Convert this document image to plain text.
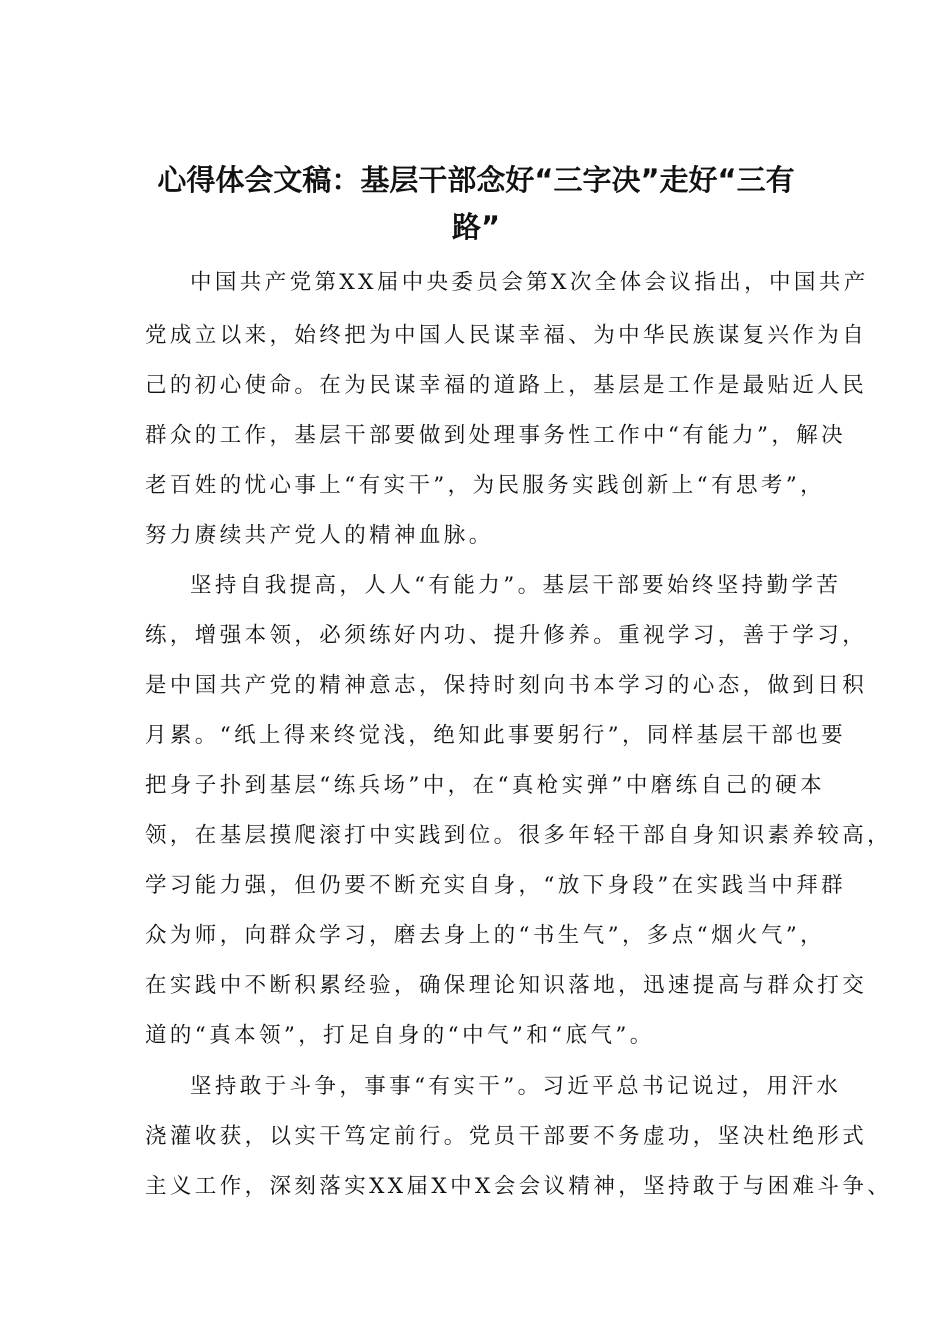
心得体会文稿：基层干部念好“三字决”走好“三有
路”
中国共产党第XX届中央委员会第X次全体会议指出，中国共产
党成立以来，始终把为中国人民谋幸福、为中华民族谋复兴作为自
己的初心使命。在为民谋幸福的道路上，基层是工作是最贴近人民
群众的工作，基层干部要做到处理事务性工作中“有能力”，解决
老百姓的忧心事上“有实干”，为民服务实践创新上“有思考”，
努力赓续共产党人的精神血脉。
坚持自我提高，人人“有能力”。基层干部要始终坚持勤学苦
练，增强本领，必须练好内功、提升修养。重视学习，善于学习，
是中国共产党的精神意志，保持时刻向书本学习的心态，做到日积
月累。“纸上得来终觉浅，绝知此事要躬行”，同样基层干部也要
把身子扑到基层“练兵场”中，在“真枪实弹”中磨练自己的硬本
领，在基层摸爬滚打中实践到位。很多年轻干部自身知识素养较高，
学习能力强，但仍要不断充实自身，“放下身段”在实践当中拜群
众为师，向群众学习，磨去身上的“书生气”，多点“烟火气”，
在实践中不断积累经验，确保理论知识落地，迅速提高与群众打交
道的“真本领”，打足自身的“中气”和“底气”。
坚持敢于斗争，事事“有实干”。习近平总书记说过，用汗水
浇灌收获，以实干笃定前行。党员干部要不务虚功，坚决杜绝形式
主义工作，深刻落实XX届X中X会会议精神，坚持敢于与困难斗争、
